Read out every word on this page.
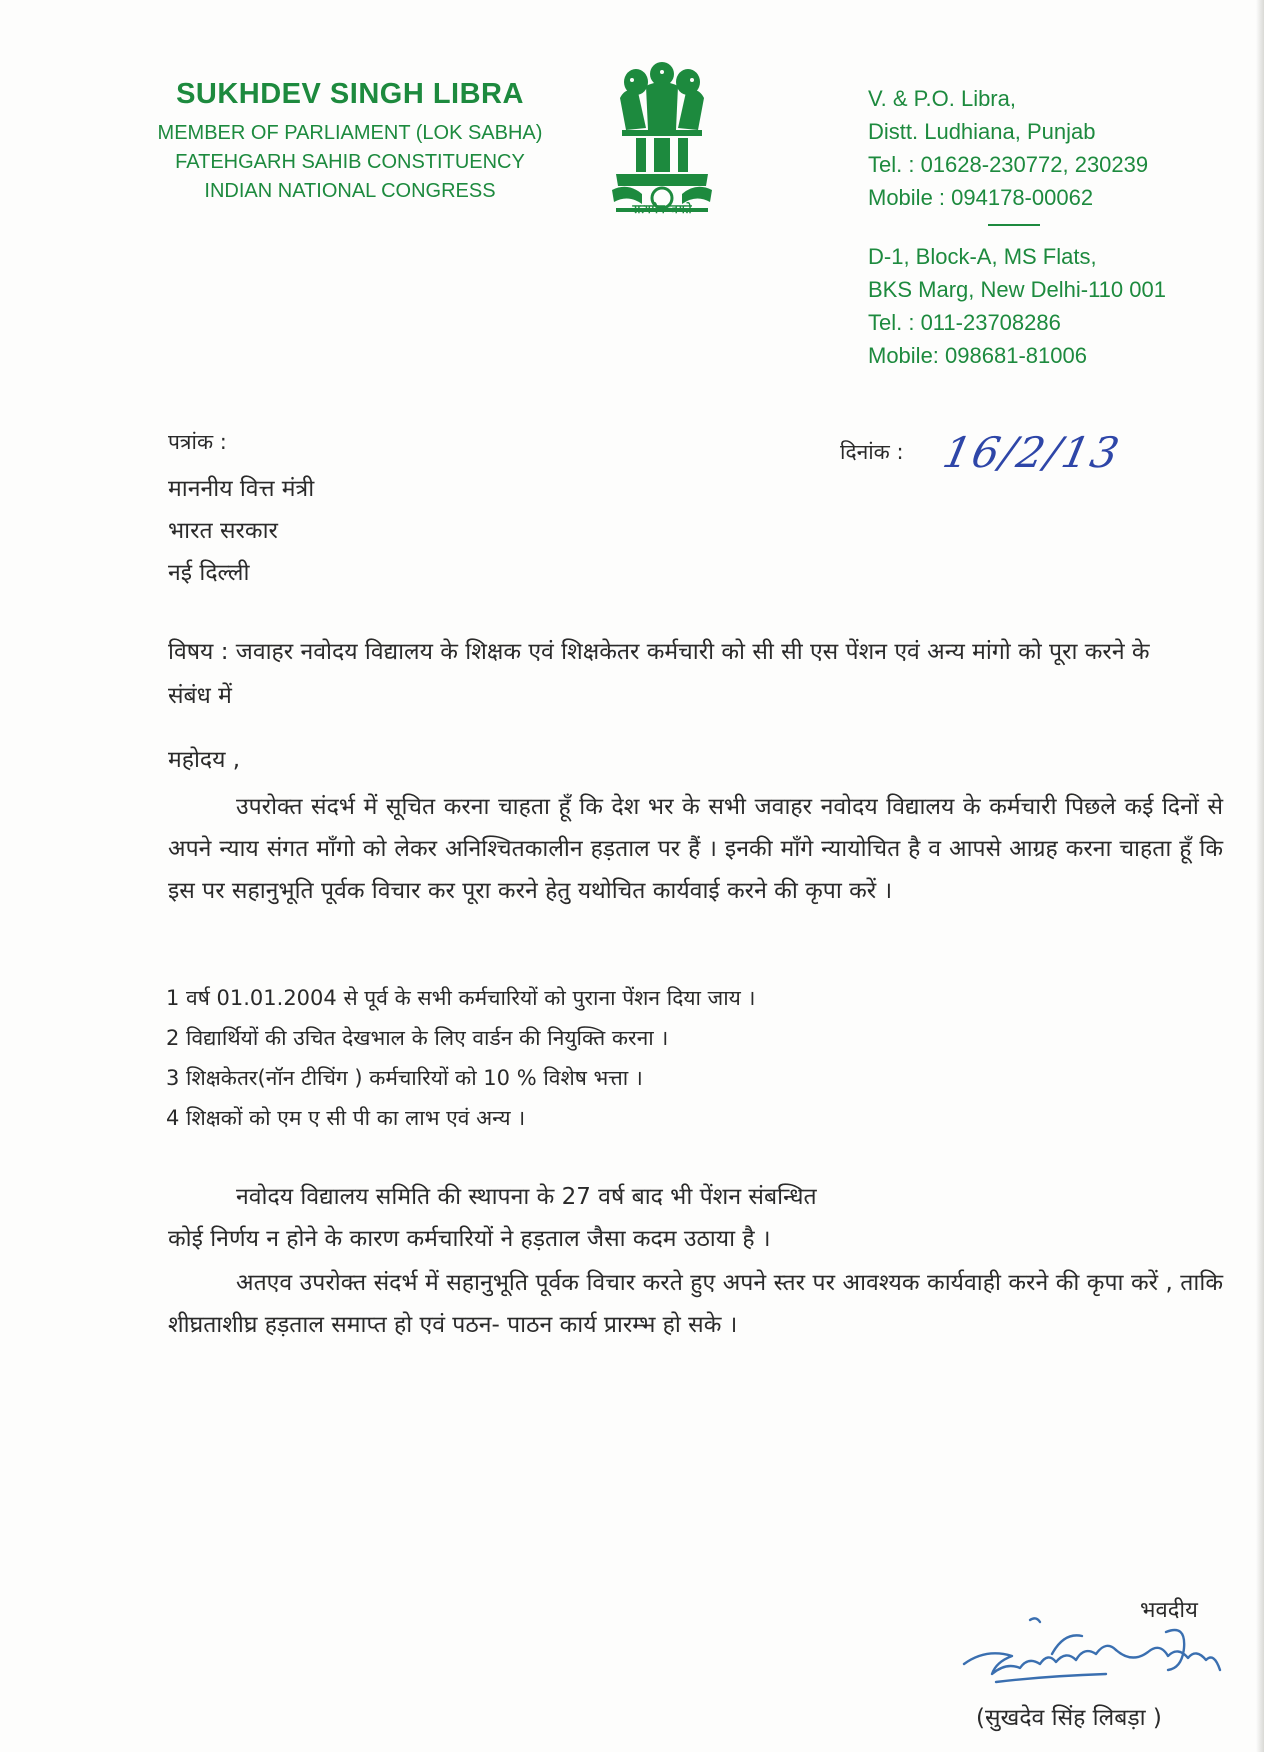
SUKHDEV SINGH LIBRA
MEMBER OF PARLIAMENT (LOK SABHA)
FATEHGARH SAHIB CONSTITUENCY
INDIAN NATIONAL CONGRESS
सत्यमेव जयते
V. & P.O. Libra,
Distt. Ludhiana, Punjab
Tel. : 01628-230772, 230239
Mobile : 094178-00062
D-1, Block-A, MS Flats,
BKS Marg, New Delhi-110 001
Tel. : 011-23708286
Mobile: 098681-81006
पत्रांक :	दिनांक : 16/2/13
माननीय वित्त मंत्री
भारत सरकार
नई दिल्ली
विषय : जवाहर नवोदय विद्यालय के शिक्षक एवं शिक्षकेतर कर्मचारी को सी सी एस पेंशन एवं अन्य मांगो को पूरा करने के संबंध में
महोदय ,
उपरोक्त संदर्भ में सूचित करना चाहता हूँ कि देश भर के सभी जवाहर नवोदय विद्यालय के कर्मचारी पिछले कई दिनों से अपने न्याय संगत माँगो को लेकर अनिश्चितकालीन हड़ताल पर हैं । इनकी माँगे न्यायोचित है व आपसे आग्रह करना चाहता हूँ कि इस पर सहानुभूति पूर्वक विचार कर पूरा करने हेतु यथोचित कार्यवाई करने की कृपा करें ।
1 वर्ष 01.01.2004 से पूर्व के सभी कर्मचारियों को पुराना पेंशन दिया जाय ।
2 विद्यार्थियों की उचित देखभाल के लिए वार्डन की नियुक्ति करना ।
3 शिक्षकेतर(नॉन टीचिंग ) कर्मचारियों को 10 % विशेष भत्ता ।
4 शिक्षकों को एम ए सी पी का लाभ एवं अन्य ।
नवोदय विद्यालय समिति की स्थापना के 27 वर्ष बाद भी पेंशन संबन्धित
कोई निर्णय न होने के कारण कर्मचारियों ने हड़ताल जैसा कदम उठाया है ।
अतएव उपरोक्त संदर्भ में सहानुभूति पूर्वक विचार करते हुए अपने स्तर पर आवश्यक कार्यवाही करने की कृपा करें , ताकि शीघ्रताशीघ्र हड़ताल समाप्त हो एवं पठन- पाठन कार्य प्रारम्भ हो सके ।
भवदीय
(सुखदेव सिंह लिबड़ा )
